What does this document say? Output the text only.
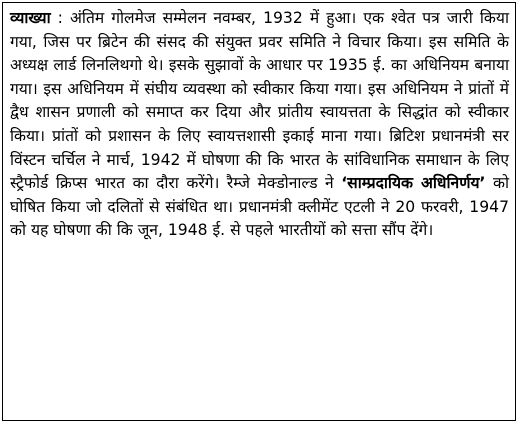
व्याख्या : अंतिम गोलमेज सम्मेलन नवम्बर, 1932 में हुआ। एक श्वेत पत्र जारी किया गया, जिस पर ब्रिटेन की संसद की संयुक्त प्रवर समिति ने विचार किया। इस समिति के अध्यक्ष लार्ड लिनलिथगो थे। इसके सुझावों के आधार पर 1935 ई. का अधिनियम बनाया गया। इस अधिनियम में संघीय व्यवस्था को स्वीकार किया गया। इस अधिनियम ने प्रांतों में द्वैध शासन प्रणाली को समाप्त कर दिया और प्रांतीय स्वायत्तता के सिद्धांत को स्वीकार किया। प्रांतों को प्रशासन के लिए स्वायत्तशासी इकाई माना गया। ब्रिटिश प्रधानमंत्री सर विंस्टन चर्चिल ने मार्च, 1942 में घोषणा की कि भारत के सांविधानिक समाधान के लिए स्ट्रैफोर्ड क्रिप्स भारत का दौरा करेंगे। रैम्जे मेक्डोनाल्ड ने ‘साम्प्रदायिक अधिनिर्णय’ को घोषित किया जो दलितों से संबंधित था। प्रधानमंत्री क्लीमेंट एटली ने 20 फरवरी, 1947 को यह घोषणा की कि जून, 1948 ई. से पहले भारतीयों को सत्ता सौंप देंगे।
